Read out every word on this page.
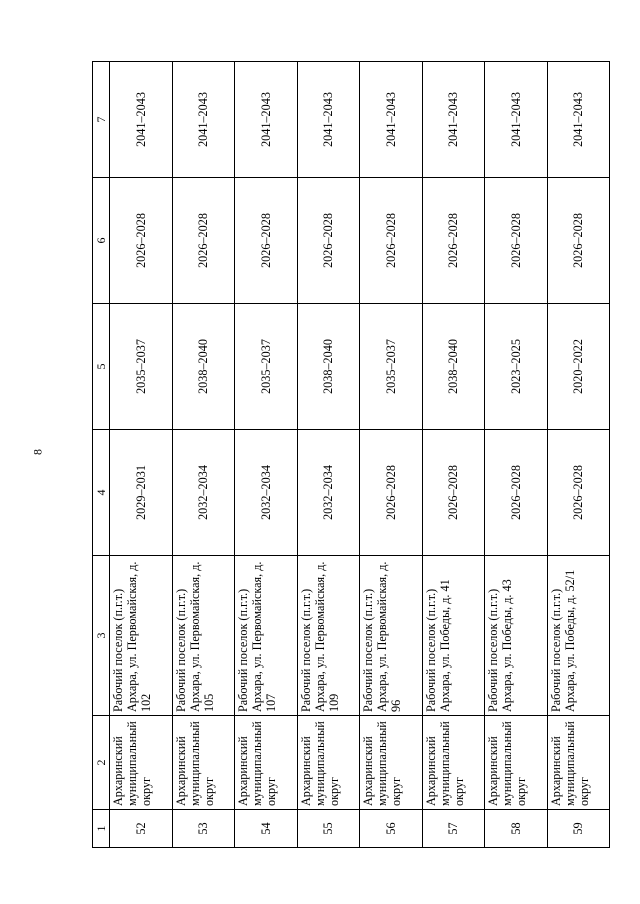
8
1	2	3	4	5	6	7
52	Архаринский муниципальный округ	Рабочий поселок (п.г.т.) Архара, ул. Первомайская, д. 102	2029–2031	2035–2037	2026–2028	2041–2043
53	Архаринский муниципальный округ	Рабочий поселок (п.г.т.) Архара, ул. Первомайская, д. 105	2032–2034	2038–2040	2026–2028	2041–2043
54	Архаринский муниципальный округ	Рабочий поселок (п.г.т.) Архара, ул. Первомайская, д. 107	2032–2034	2035–2037	2026–2028	2041–2043
55	Архаринский муниципальный округ	Рабочий поселок (п.г.т.) Архара, ул. Первомайская, д. 109	2032–2034	2038–2040	2026–2028	2041–2043
56	Архаринский муниципальный округ	Рабочий поселок (п.г.т.) Архара, ул. Первомайская, д. 96	2026–2028	2035–2037	2026–2028	2041–2043
57	Архаринский муниципальный округ	Рабочий поселок (п.г.т.) Архара, ул. Победы, д. 41	2026–2028	2038–2040	2026–2028	2041–2043
58	Архаринский муниципальный округ	Рабочий поселок (п.г.т.) Архара, ул. Победы, д. 43	2026–2028	2023–2025	2026–2028	2041–2043
59	Архаринский муниципальный округ	Рабочий поселок (п.г.т.) Архара, ул. Победы, д. 52/1	2026–2028	2020–2022	2026–2028	2041–2043
